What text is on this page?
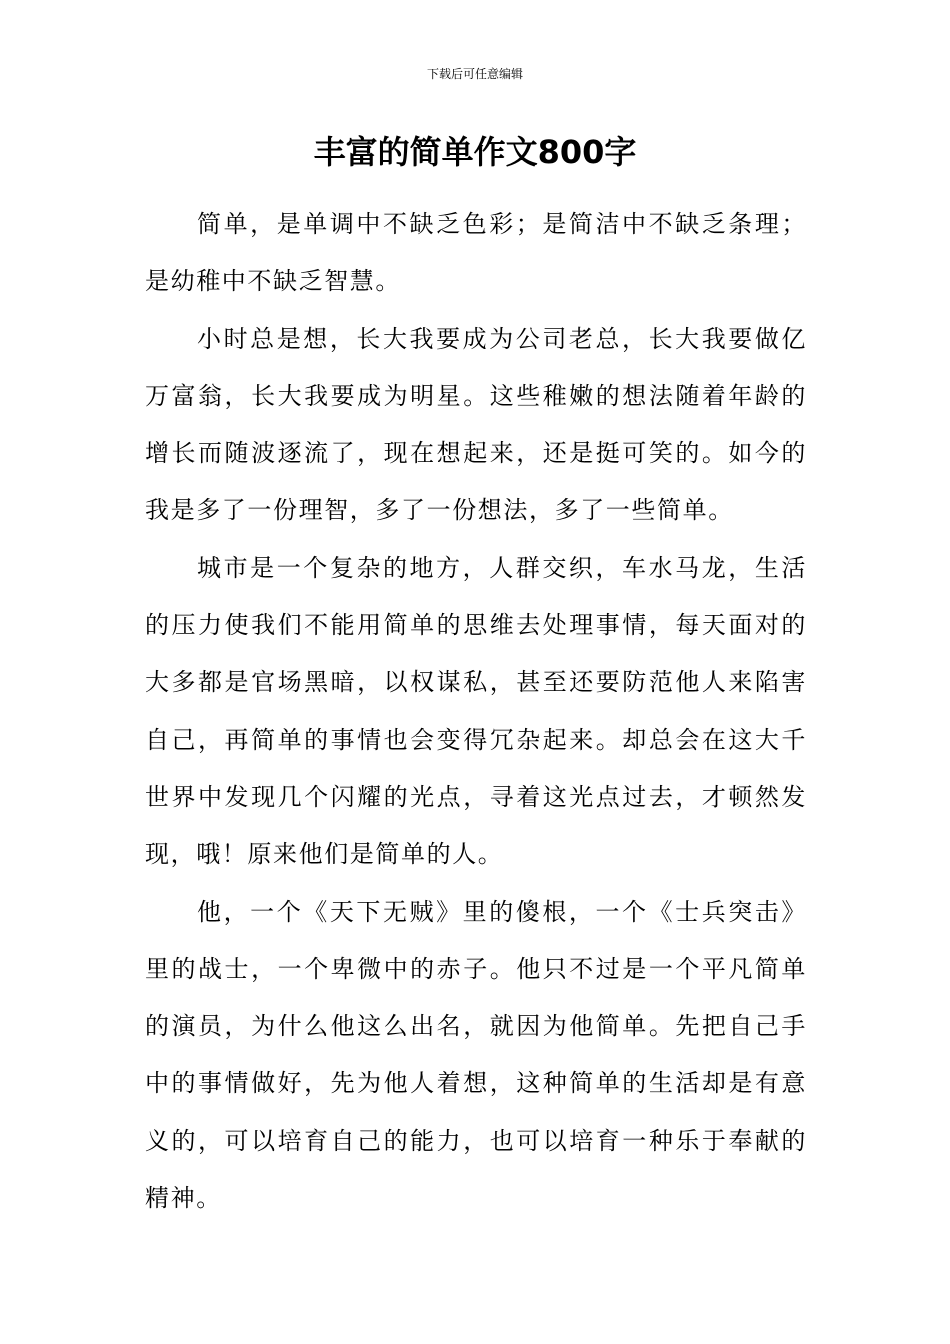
下载后可任意编辑
丰富的简单作文800字

简单，是单调中不缺乏色彩；是简洁中不缺乏条理；是幼稚中不缺乏智慧。

小时总是想，长大我要成为公司老总，长大我要做亿万富翁，长大我要成为明星。这些稚嫩的想法随着年龄的增长而随波逐流了，现在想起来，还是挺可笑的。如今的我是多了一份理智，多了一份想法，多了一些简单。

城市是一个复杂的地方，人群交织，车水马龙，生活的压力使我们不能用简单的思维去处理事情，每天面对的大多都是官场黑暗，以权谋私，甚至还要防范他人来陷害自己，再简单的事情也会变得冗杂起来。却总会在这大千世界中发现几个闪耀的光点，寻着这光点过去，才顿然发现，哦！原来他们是简单的人。

他，一个《天下无贼》里的傻根，一个《士兵突击》里的战士，一个卑微中的赤子。他只不过是一个平凡简单的演员，为什么他这么出名，就因为他简单。先把自己手中的事情做好，先为他人着想，这种简单的生活却是有意义的，可以培育自己的能力，也可以培育一种乐于奉献的精神。
